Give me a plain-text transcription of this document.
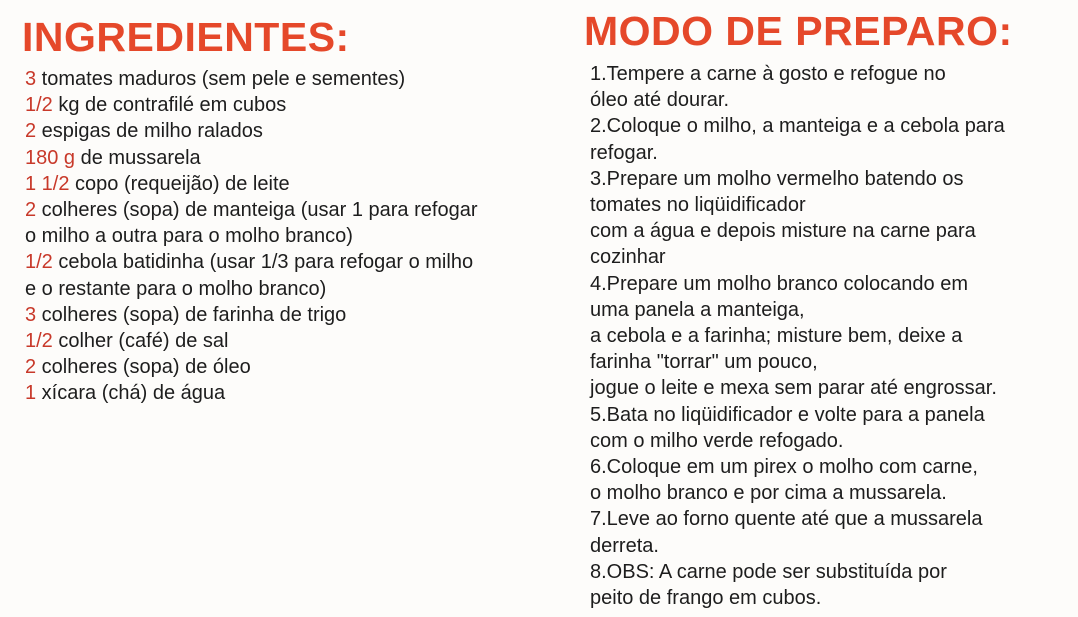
INGREDIENTES:
3 tomates maduros (sem pele e sementes)
1/2 kg de contrafilé em cubos
2 espigas de milho ralados
180 g de mussarela
1 1/2 copo (requeijão) de leite
2 colheres (sopa) de manteiga (usar 1 para refogar
o milho a outra para o molho branco)
1/2 cebola batidinha (usar 1/3 para refogar o milho
e o restante para o molho branco)
3 colheres (sopa) de farinha de trigo
1/2 colher (café) de sal
2 colheres (sopa) de óleo
1 xícara (chá) de água
MODO DE PREPARO:
1.Tempere a carne à gosto e refogue no
óleo até dourar.
2.Coloque o milho, a manteiga e a cebola para
refogar.
3.Prepare um molho vermelho batendo os
tomates no liqüidificador
com a água e depois misture na carne para
cozinhar
4.Prepare um molho branco colocando em
uma panela a manteiga,
a cebola e a farinha; misture bem, deixe a
farinha "torrar" um pouco,
jogue o leite e mexa sem parar até engrossar.
5.Bata no liqüidificador e volte para a panela
com o milho verde refogado.
6.Coloque em um pirex o molho com carne,
o molho branco e por cima a mussarela.
7.Leve ao forno quente até que a mussarela
derreta.
8.OBS: A carne pode ser substituída por
peito de frango em cubos.
